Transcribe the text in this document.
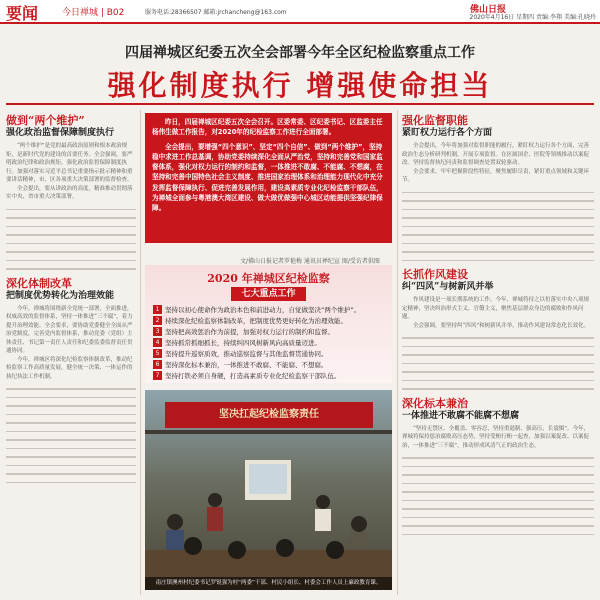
要闻	今日禅城 | B02	服务电话:28366507 邮箱:jrchancheng@163.com	佛山日报
2020年4月16日 星期四 责编:李翔 美编:孔晓玲
四届禅城区纪委五次全会部署今年全区纪检监察重点工作
强化制度执行 增强使命担当
做到“两个维护”
强化政治监督保障制度执行

“两个维护”是党的最高政治原则和根本政治规矩，是新时代党的建设的首要任务。全会强调，要严明政治纪律和政治规矩，强化政治监督保障制度执行。加强对落实习近平总书记重要指示批示精神和重要讲话精神，市、区各项重大决策部署的监督检查。

全会提出，要从讲政治的高度，精准推动贯彻落实中央、省市重大决策部署。

深化体制改革
把制度优势转化为治理效能

今年，禅城将围绕新全党统一部署，全面推进，权威高效的监督体系，坚持一体推进“三不腐”，着力提升治理效能。全会要求，要协助党委健全全面从严治党制度，完善党内监督体系，推动党委（党组）主体责任、书记第一责任人责任和纪委监委监督责任贯通协同。

今年，禅城区将深化纪检监察体制改革，推动纪检监察工作高质量发展，健全统一决策、一体运作的执纪执法工作机制。

昨日，四届禅城区纪委五次全会召开。区委常委、区纪委书记、区监委主任杨伟生做工作报告，对2020年的纪检监察工作进行全面部署。

全会提出，要增强“四个意识”、坚定“四个自信”、做到“两个维护”，坚持稳中求进工作总基调，协助党委持续深化全面从严治党，坚持和完善党和国家监督体系，强化对权力运行的制约和监督，一体推进不敢腐、不能腐、不想腐，在坚持和完善中国特色社会主义制度、推进国家治理体系和治理能力现代化中充分发挥监督保障执行、促进完善发展作用，建设高素质专业化纪检监察干部队伍，为禅城全面参与粤港澳大湾区建设、做大做优做强中心城区动能提供坚强纪律保障。

文/佛山日报记者罗艳梅 通讯员禅纪宣 图/受访者供图
2020 年禅城区纪检监察
七大重点工作
1 坚持以初心使命作为政治本色和前进动力，自觉做坚决“两个维护”。
2 持续深化纪检监察体制改革，把制度优势更好转化为治理效能。
3 坚持把高效惩治作为前提，加强对权力运行的制约和监督。
4 坚持抓常抓细抓长，持续纠四风树新风向高质量迈进。
5 坚持提升巡察质效，推动巡察监督与其他监督贯通协同。
6 坚持深化标本兼治，一体推进不敢腐、不能腐、不想腐。
7 坚持打铁必须自身硬，打造高素质专业化纪检监察干部队伍。
坚决扛起纪检监察责任
南庄镇澳州村纪委书记罗锐强为村“两委”干部、村民小组长、村委会工作人员上廉政教育课。
强化监督职能
紧盯权力运行各个方面

全会提出，今年将加强对监督职能的履行，紧盯权力运行各个方面，完善政治生态分析研判机制，开展专项监督。在区属国企、医院等领域推动以案促改。坚持监督执纪问责和监督调查处置双轮驱动。

全会要求，牢牢把握阶段性特征，聚焦履职尽责，紧盯重点领域和关键环节。

长抓作风建设
纠“四风”与树新风并举

作风建设是一项长期系统的工作。今年，禅城将持之以恒落实中央八项规定精神，坚决纠治形式主义、官僚主义，聚焦基层群众身边的腐败和作风问题。

全会强调，要坚持纠“四风”和树新风并举，推动作风建设常态化长效化。

深化标本兼治
一体推进不敢腐不能腐不想腐

“坚持无禁区、全覆盖、零容忍，坚持重遏制、强高压、长震慑”。今年，禅城将保持惩治腐败高压态势，坚持受贿行贿一起查，加强以案促改、以案促治，一体推进“三不腐”，推动形成风清气正的政治生态。
